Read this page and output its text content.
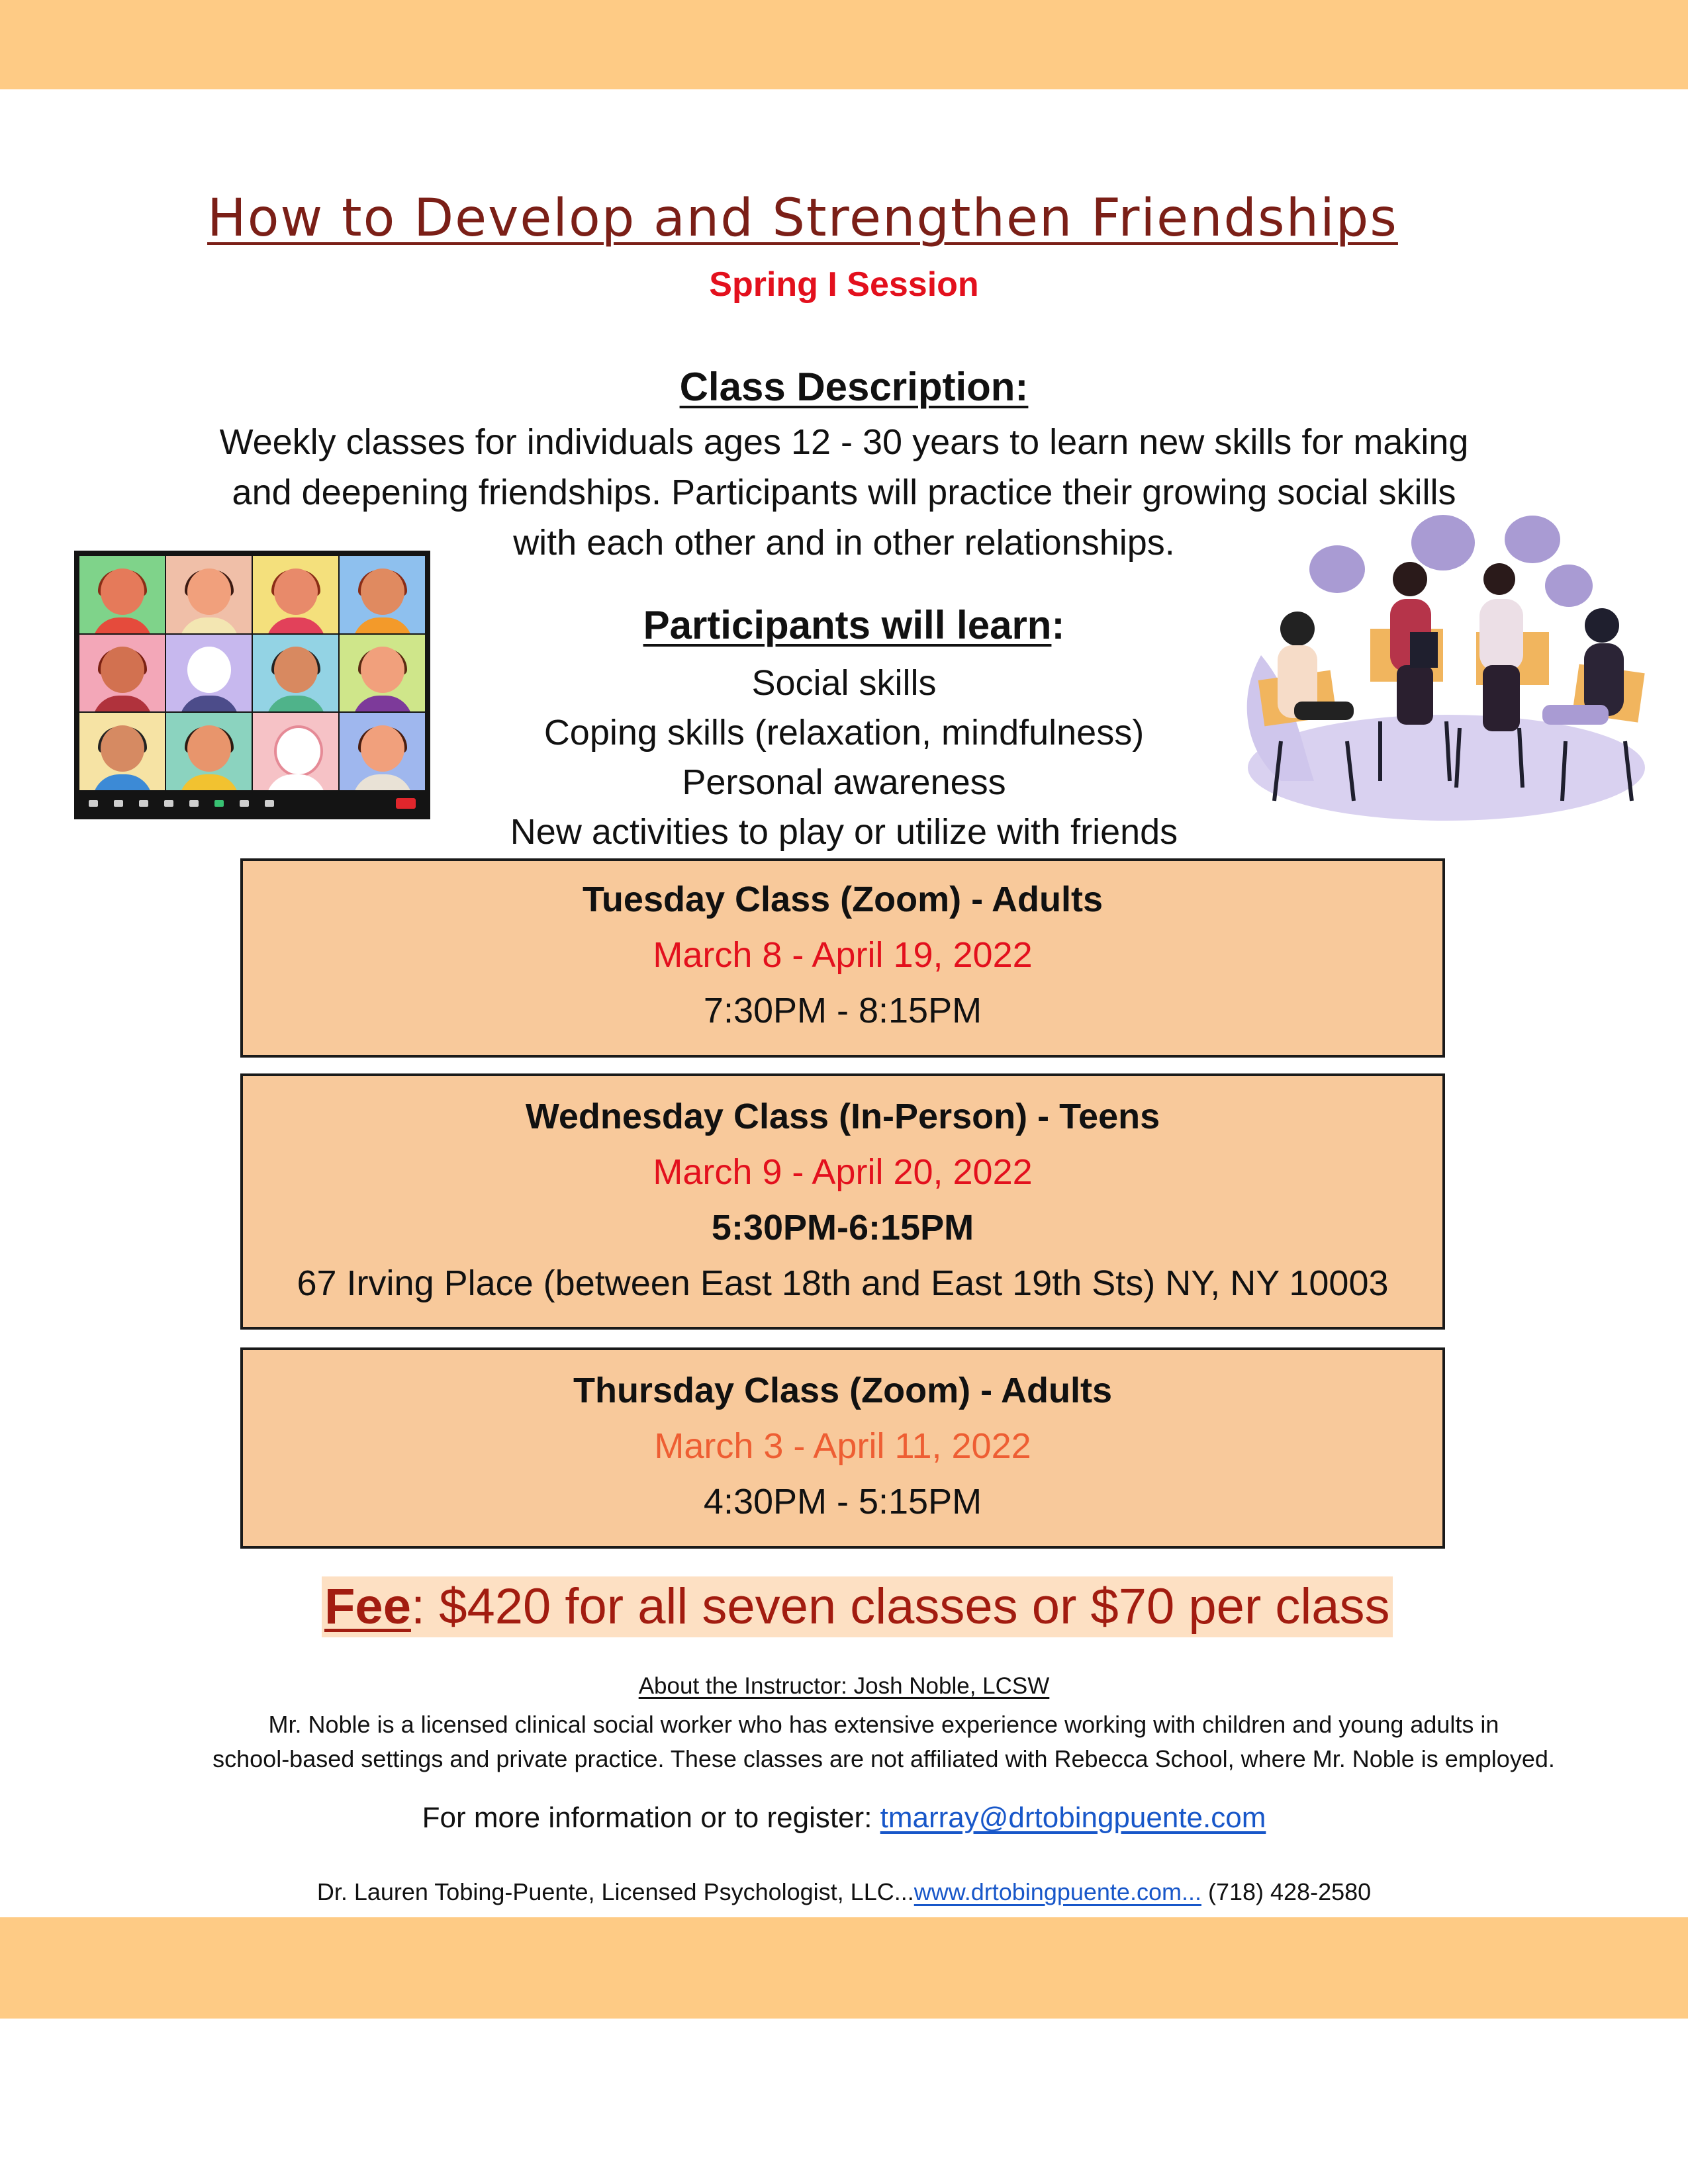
How to Develop and Strengthen Friendships
Spring I Session
Class Description:
Weekly classes for individuals ages 12 - 30 years to learn new skills for making and deepening friendships. Participants will practice their growing social skills with each other and in other relationships.
Participants will learn:
Social skills
Coping skills (relaxation, mindfulness)
Personal awareness
New activities to play or utilize with friends
Tuesday Class (Zoom) - Adults
March 8 - April 19, 2022
7:30PM - 8:15PM
Wednesday Class (In-Person) - Teens
March 9 - April 20, 2022
5:30PM-6:15PM
67 Irving Place (between East 18th and East 19th Sts) NY, NY 10003
Thursday Class (Zoom) - Adults
March 3 - April 11, 2022
4:30PM - 5:15PM
Fee: $420 for all seven classes or $70 per class
About the Instructor: Josh Noble, LCSW
Mr. Noble is a licensed clinical social worker who has extensive experience working with children and young adults in
school-based settings and private practice. These classes are not affiliated with Rebecca School, where Mr. Noble is employed.
For more information or to register: tmarray@drtobingpuente.com
Dr. Lauren Tobing-Puente, Licensed Psychologist, LLC...www.drtobingpuente.com... (718) 428-2580
